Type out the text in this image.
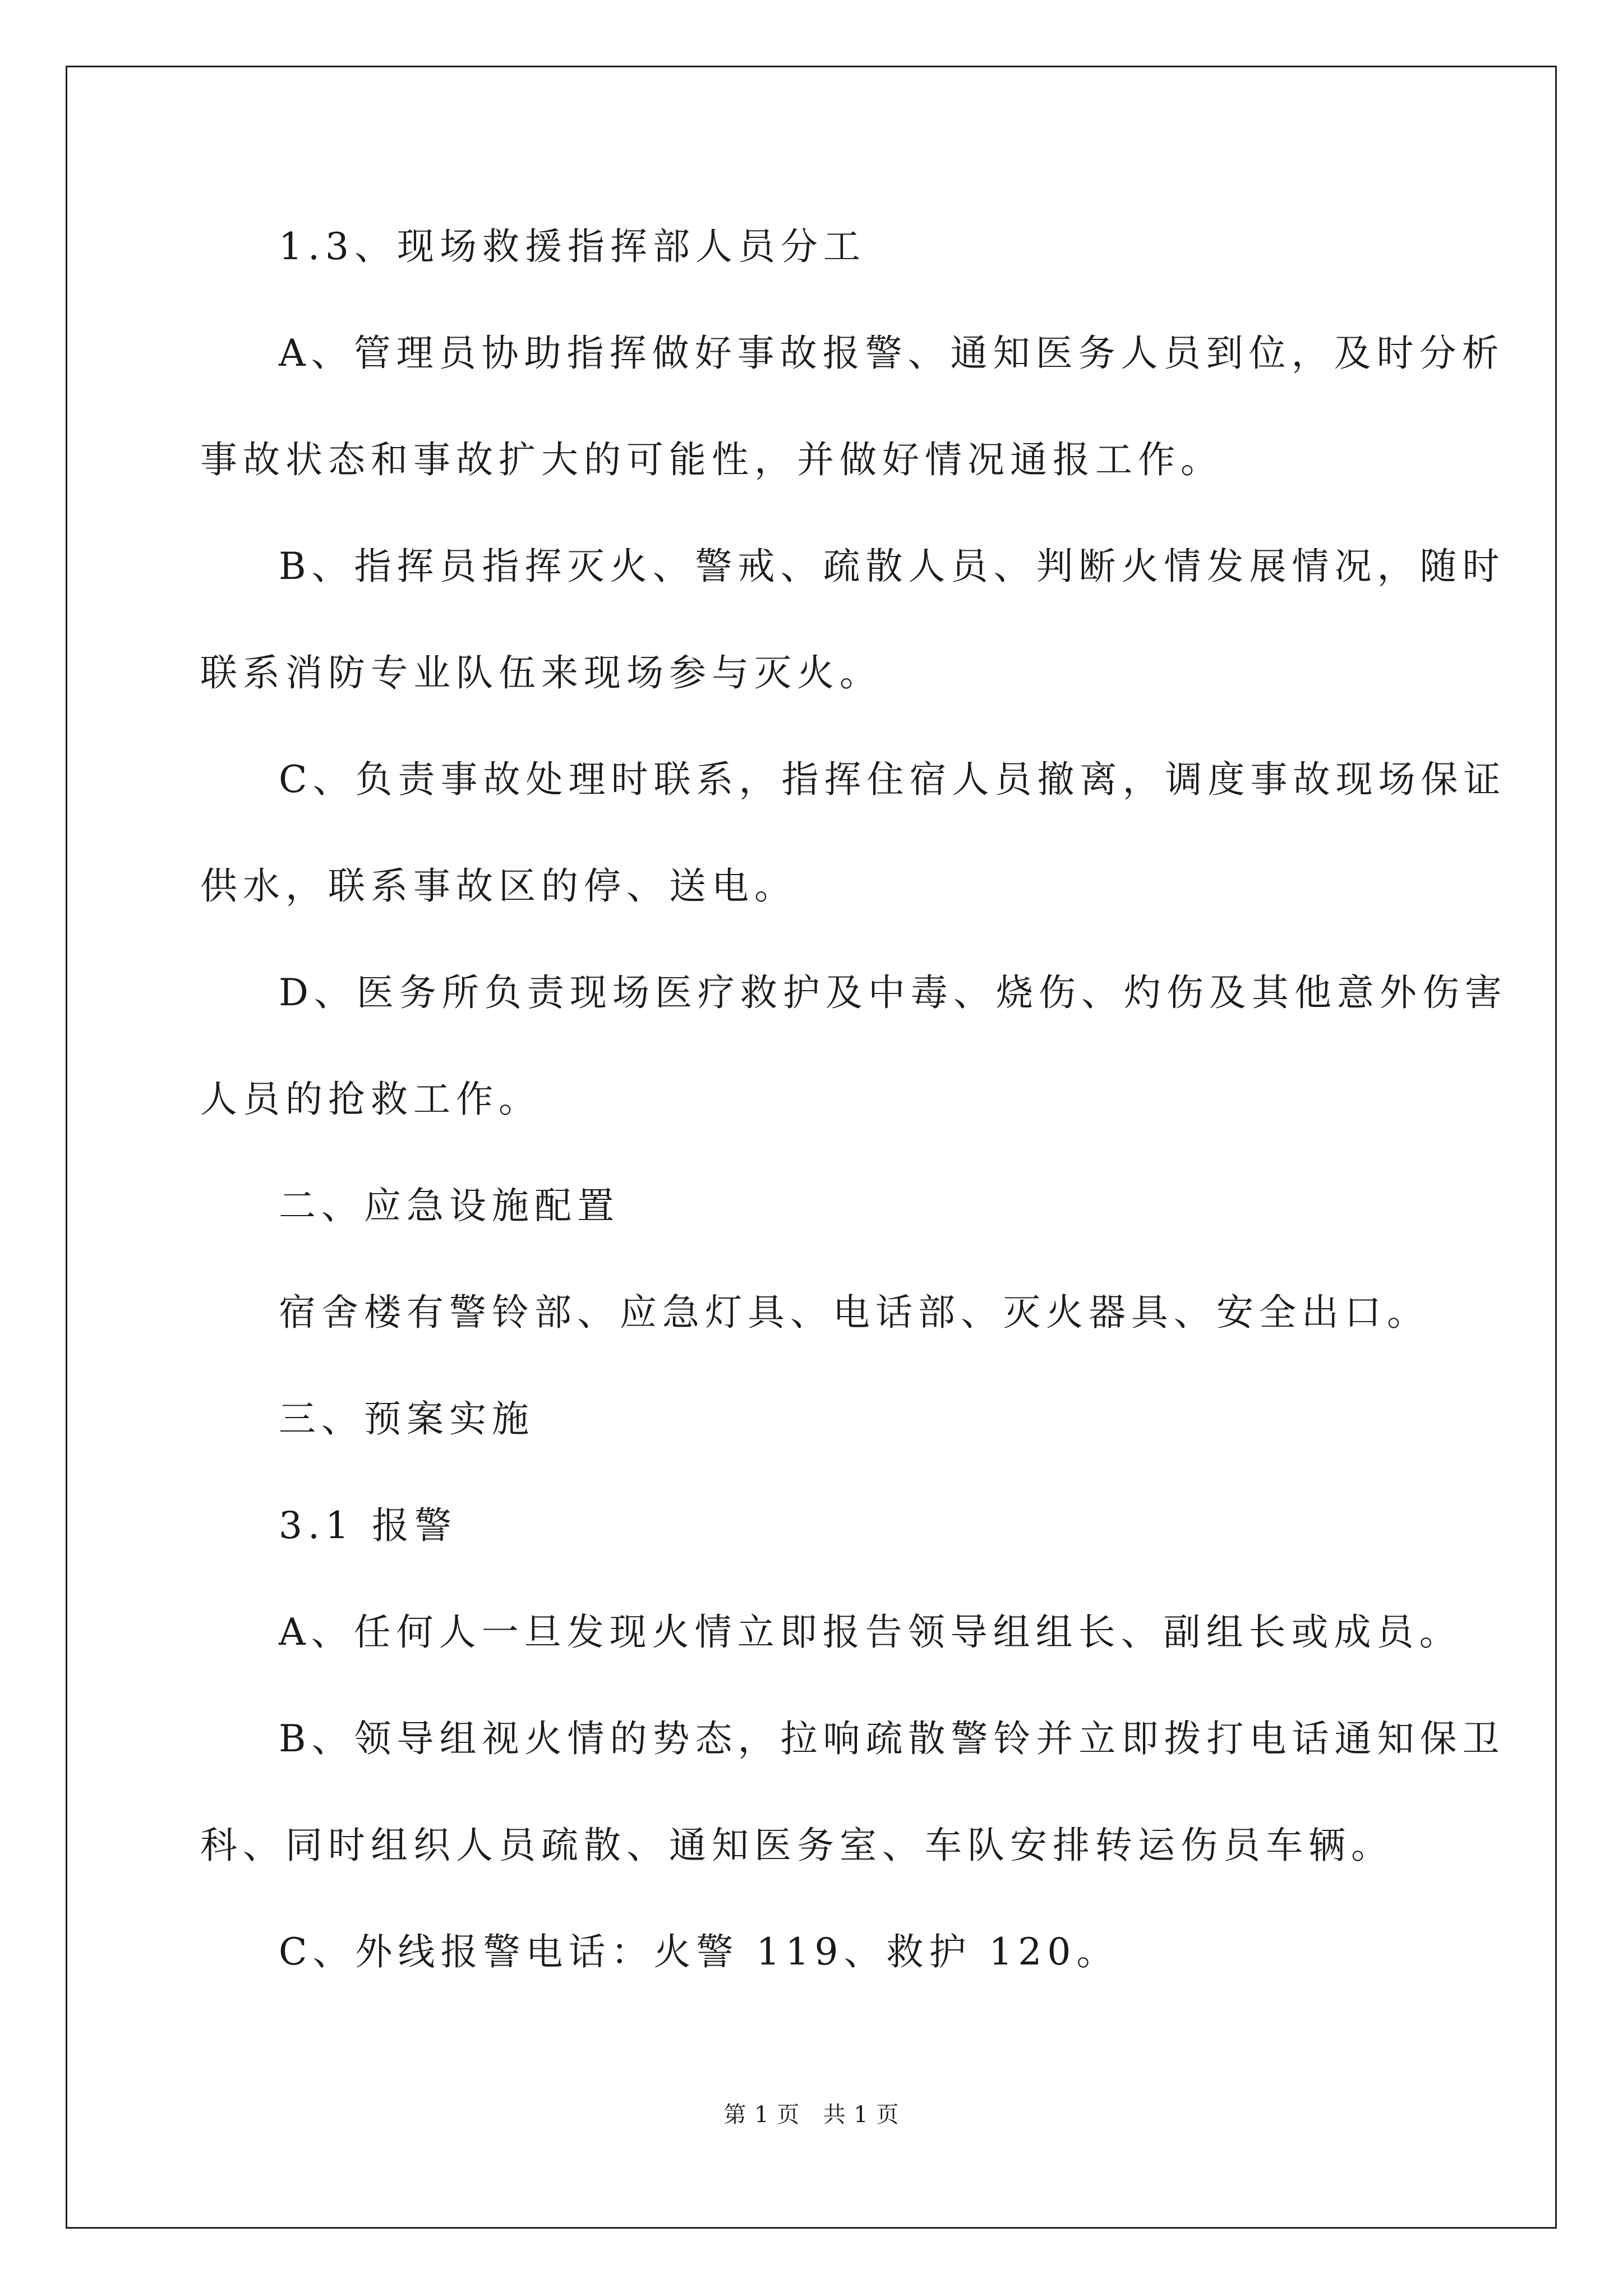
1.3、现场救援指挥部人员分工
A、管理员协助指挥做好事故报警、通知医务人员到位，及时分析
事故状态和事故扩大的可能性，并做好情况通报工作。
B、指挥员指挥灭火、警戒、疏散人员、判断火情发展情况，随时
联系消防专业队伍来现场参与灭火。
C、负责事故处理时联系，指挥住宿人员撤离，调度事故现场保证
供水，联系事故区的停、送电。
D、医务所负责现场医疗救护及中毒、烧伤、灼伤及其他意外伤害
人员的抢救工作。
二、应急设施配置
宿舍楼有警铃部、应急灯具、电话部、灭火器具、安全出口。
三、预案实施
3.1 报警
A、任何人一旦发现火情立即报告领导组组长、副组长或成员。
B、领导组视火情的势态，拉响疏散警铃并立即拨打电话通知保卫
科、同时组织人员疏散、通知医务室、车队安排转运伤员车辆。
C、外线报警电话：火警 119、救护 120。
第 1 页   共 1 页
